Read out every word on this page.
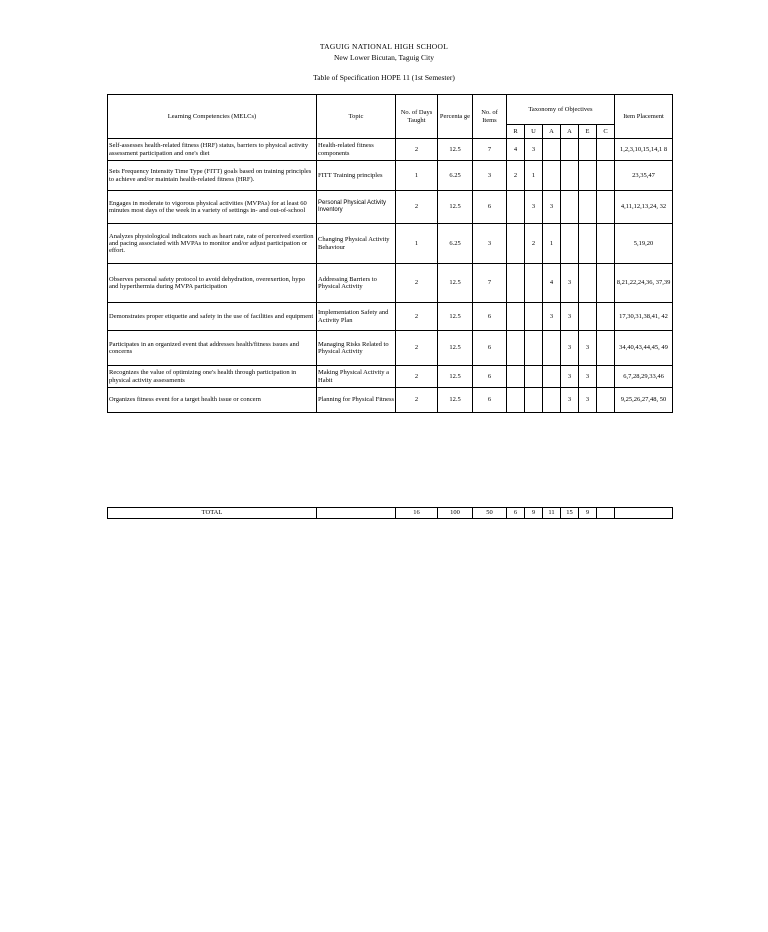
TAGUIG NATIONAL HIGH SCHOOL
New Lower Bicutan, Taguig City
Table of Specification HOPE 11 (1st Semester)
Learning Competencies (MELCs)	Topic	No. of Days Taught	Percenta ge	No. of Items	Taxonomy of Objectives						Item Placement
					R	U	A	A	E	C	
Self-assesses health-related fitness (HRF) status, barriers to physical activity assessment participation and one's diet	Health-related fitness components	2	12.5	7	4	3					1,2,3,10,15,14,1 8
Sets Frequency Intensity Time Type (FITT) goals based on training principles to achieve and/or maintain health-related fitness (HRF).	FITT Training principles	1	6.25	3	2	1					23,35,47
Engages in moderate to vigorous physical activities (MVPAs) for at least 60 minutes most days of the week in a variety of settings in- and out-of-school	Personal Physical Activity Inventory	2	12.5	6		3	3				4,11,12,13,24, 32
Analyzes physiological indicators such as heart rate, rate of perceived exertion and pacing associated with MVPAs to monitor and/or adjust participation or effort.	Changing Physical Activity Behaviour	1	6.25	3		2	1				5,19,20
Observes personal safety protocol to avoid dehydration, overexertion, hypo and hyperthermia during MVPA participation	Addressing Barriers to Physical Activity	2	12.5	7			4	3			8,21,22,24,36, 37,39
Demonstrates proper etiquette and safety in the use of facilities and equipment	Implementation Safety and Activity Plan	2	12.5	6			3	3			17,30,31,38,41, 42
Participates in an organized event that addresses health/fitness issues and concerns	Managing Risks Related to Physical Activity	2	12.5	6				3	3		34,40,43,44,45, 49
Recognizes the value of optimizing one's health through participation in physical activity assessments	Making Physical Activity a Habit	2	12.5	6				3	3		6,7,28,29,33,46
Organizes fitness event for a target health issue or concern	Planning for Physical Fitness	2	12.5	6				3	3		9,25,26,27,48, 50
TOTAL		16	100	50	6	9	11	15	9		
